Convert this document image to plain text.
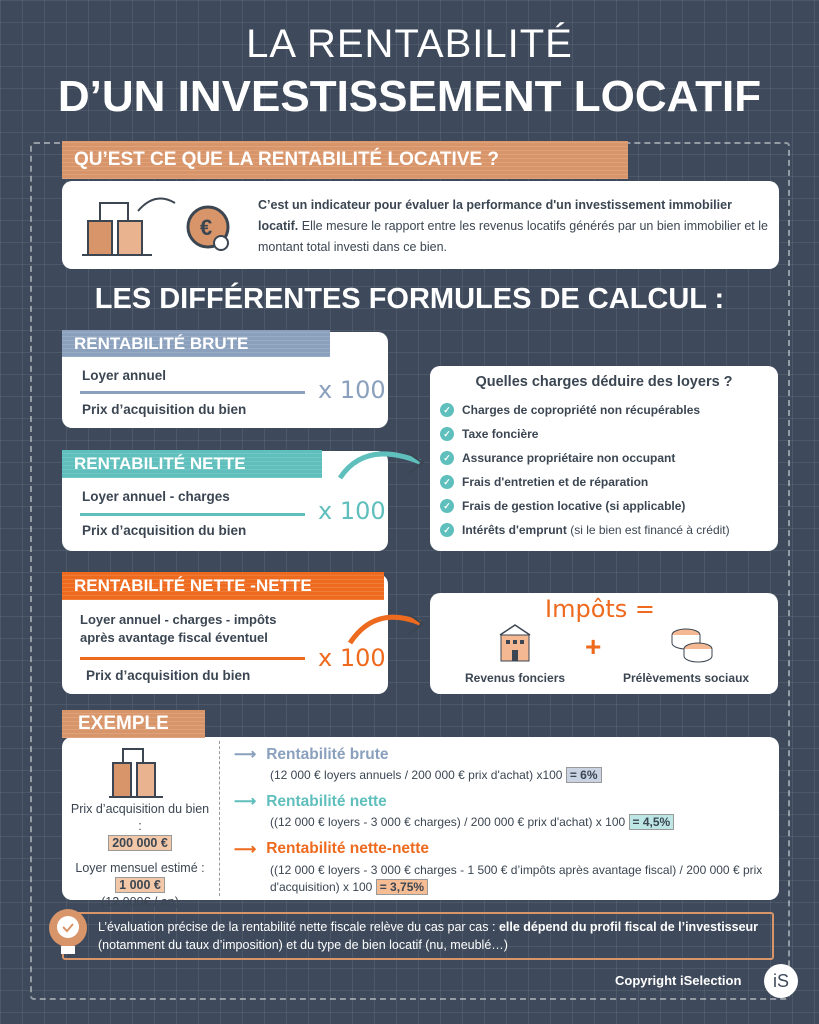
LA RENTABILITÉ
D’UN INVESTISSEMENT LOCATIF
€
C’est un indicateur pour évaluer la performance d'un investissement immobilier locatif. Elle mesure le rapport entre les revenus locatifs générés par un bien immobilier et le montant total investi dans ce bien.
QU’EST CE QUE LA RENTABILITÉ LOCATIVE ?
LES DIFFÉRENTES FORMULES DE CALCUL :
Loyer annuel
Prix d’acquisition du bien
x 100
RENTABILITÉ BRUTE
Loyer annuel - charges
Prix d’acquisition du bien
x 100
RENTABILITÉ NETTE
Loyer annuel - charges - impôts
après avantage fiscal éventuel
Prix d’acquisition du bien
x 100
RENTABILITÉ NETTE -NETTE
Quelles charges déduire des loyers ?
✓ Charges de copropriété non récupérables
✓ Taxe foncière
✓ Assurance propriétaire non occupant
✓ Frais d'entretien et de réparation
✓ Frais de gestion locative (si applicable)
✓ Intérêts d'emprunt (si le bien est financé à crédit)
Impôts =
+
Revenus fonciers	Prélèvements sociaux
Prix d’acquisition du bien :
200 000 €
Loyer mensuel estimé :
1 000 €
(12 000€ / an)
⟶ Rentabilité brute

(12 000 € loyers annuels / 200 000 € prix d'achat) x100 = 6%

⟶ Rentabilité nette

((12 000 € loyers - 3 000 € charges) / 200 000 € prix d'achat) x 100 = 4,5%

⟶ Rentabilité nette-nette

((12 000 € loyers - 3 000 € charges - 1 500 € d’impôts après avantage fiscal) / 200 000 € prix d'acquisition) x 100 = 3,75%

EXEMPLE
L’évaluation précise de la rentabilité nette fiscale relève du cas par cas : elle dépend du profil fiscal de l’investisseur (notamment du taux d’imposition) et du type de bien locatif (nu, meublé…)
Copyright iSelection	iS
